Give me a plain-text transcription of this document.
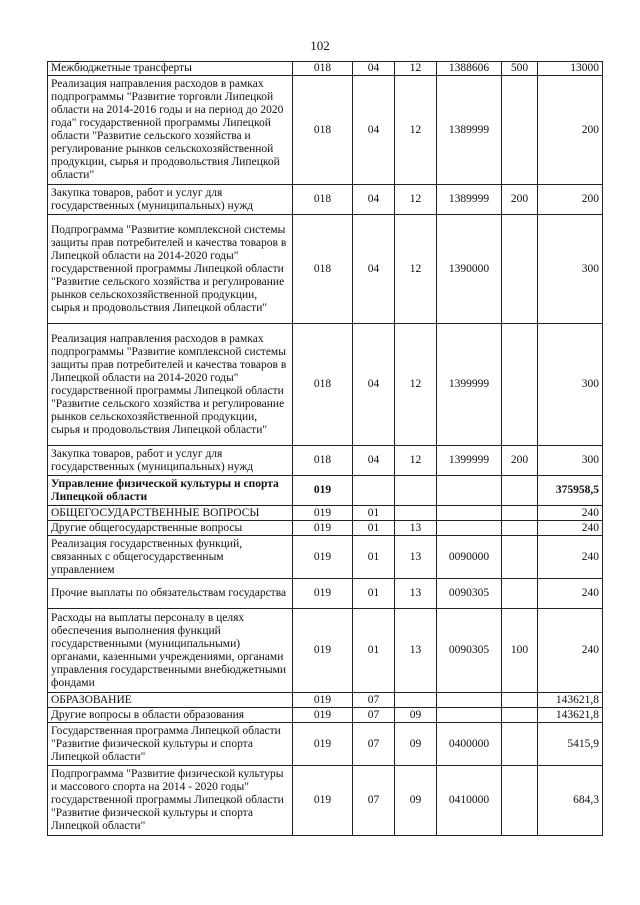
102
Межбюджетные трансферты	018	04	12	1388606	500	13000
Реализация направления расходов в рамках подпрограммы "Развитие торговли Липецкой области на 2014-2016 годы и на период до 2020 года" государственной программы Липецкой области "Развитие сельского хозяйства и регулирование рынков сельскохозяйственной продукции, сырья и продовольствия Липецкой области"	018	04	12	1389999		200
Закупка товаров, работ и услуг для государственных (муниципальных) нужд	018	04	12	1389999	200	200
Подпрограмма "Развитие комплексной системы защиты прав потребителей и качества товаров в Липецкой области на 2014-2020 годы" государственной программы Липецкой области "Развитие сельского хозяйства и регулирование рынков сельскохозяйственной продукции, сырья и продовольствия Липецкой области"	018	04	12	1390000		300
Реализация направления расходов в рамках подпрограммы "Развитие комплексной системы защиты прав потребителей и качества товаров в Липецкой области на 2014-2020 годы" государственной программы Липецкой области "Развитие сельского хозяйства и регулирование рынков сельскохозяйственной продукции, сырья и продовольствия Липецкой области"	018	04	12	1399999		300
Закупка товаров, работ и услуг для государственных (муниципальных) нужд	018	04	12	1399999	200	300
Управление физической культуры и спорта Липецкой области	019					375958,5
ОБЩЕГОСУДАРСТВЕННЫЕ ВОПРОСЫ	019	01				240
Другие общегосударственные вопросы	019	01	13			240
Реализация государственных функций, связанных с общегосударственным управлением	019	01	13	0090000		240
Прочие выплаты по обязательствам государства	019	01	13	0090305		240
Расходы на выплаты персоналу в целях обеспечения выполнения функций государственными (муниципальными) органами, казенными учреждениями, органами управления государственными внебюджетными фондами	019	01	13	0090305	100	240
ОБРАЗОВАНИЕ	019	07				143621,8
Другие вопросы в области образования	019	07	09			143621,8
Государственная программа Липецкой области "Развитие физической культуры и спорта Липецкой области"	019	07	09	0400000		5415,9
Подпрограмма "Развитие физической культуры и массового спорта на 2014 - 2020 годы" государственной программы Липецкой области "Развитие физической культуры и спорта Липецкой области"	019	07	09	0410000		684,3
